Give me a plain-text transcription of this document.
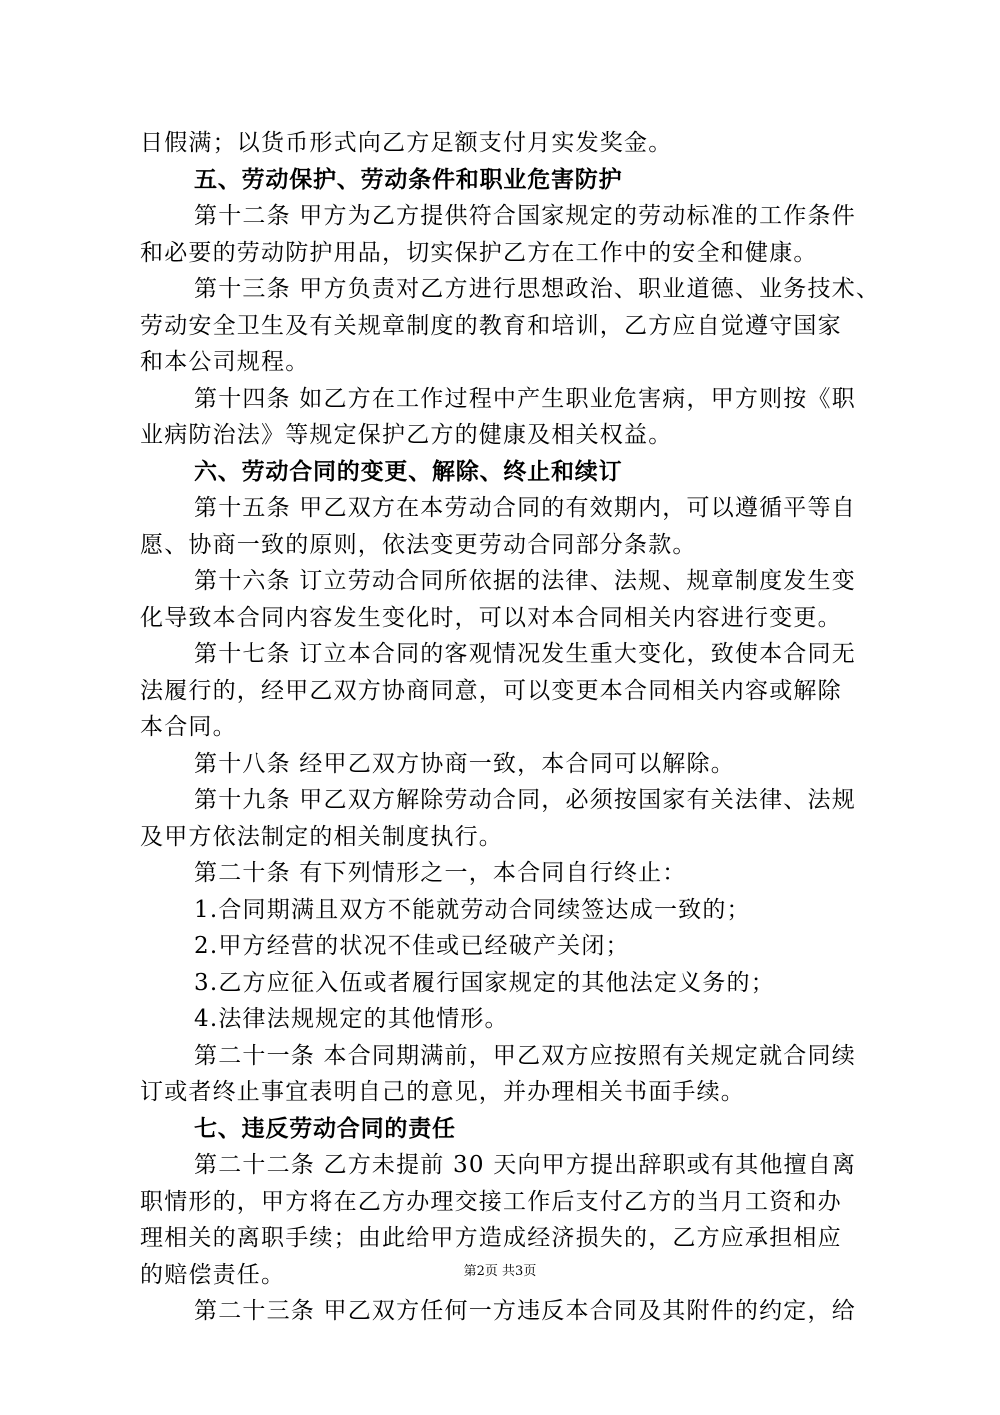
日假满；以货币形式向乙方足额支付月实发奖金。
五、劳动保护、劳动条件和职业危害防护
第十二条 甲方为乙方提供符合国家规定的劳动标准的工作条件
和必要的劳动防护用品，切实保护乙方在工作中的安全和健康。
第十三条 甲方负责对乙方进行思想政治、职业道德、业务技术、
劳动安全卫生及有关规章制度的教育和培训，乙方应自觉遵守国家
和本公司规程。
第十四条 如乙方在工作过程中产生职业危害病，甲方则按《职
业病防治法》等规定保护乙方的健康及相关权益。
六、劳动合同的变更、解除、终止和续订
第十五条 甲乙双方在本劳动合同的有效期内，可以遵循平等自
愿、协商一致的原则，依法变更劳动合同部分条款。
第十六条 订立劳动合同所依据的法律、法规、规章制度发生变
化导致本合同内容发生变化时，可以对本合同相关内容进行变更。
第十七条 订立本合同的客观情况发生重大变化，致使本合同无
法履行的，经甲乙双方协商同意，可以变更本合同相关内容或解除
本合同。
第十八条 经甲乙双方协商一致，本合同可以解除。
第十九条 甲乙双方解除劳动合同，必须按国家有关法律、法规
及甲方依法制定的相关制度执行。
第二十条 有下列情形之一，本合同自行终止：
1.合同期满且双方不能就劳动合同续签达成一致的；
2.甲方经营的状况不佳或已经破产关闭；
3.乙方应征入伍或者履行国家规定的其他法定义务的；
4.法律法规规定的其他情形。
第二十一条 本合同期满前，甲乙双方应按照有关规定就合同续
订或者终止事宜表明自己的意见，并办理相关书面手续。
七、违反劳动合同的责任
第二十二条 乙方未提前 30 天向甲方提出辞职或有其他擅自离
职情形的，甲方将在乙方办理交接工作后支付乙方的当月工资和办
理相关的离职手续；由此给甲方造成经济损失的，乙方应承担相应
的赔偿责任。
第二十三条 甲乙双方任何一方违反本合同及其附件的约定，给
第2页 共3页
